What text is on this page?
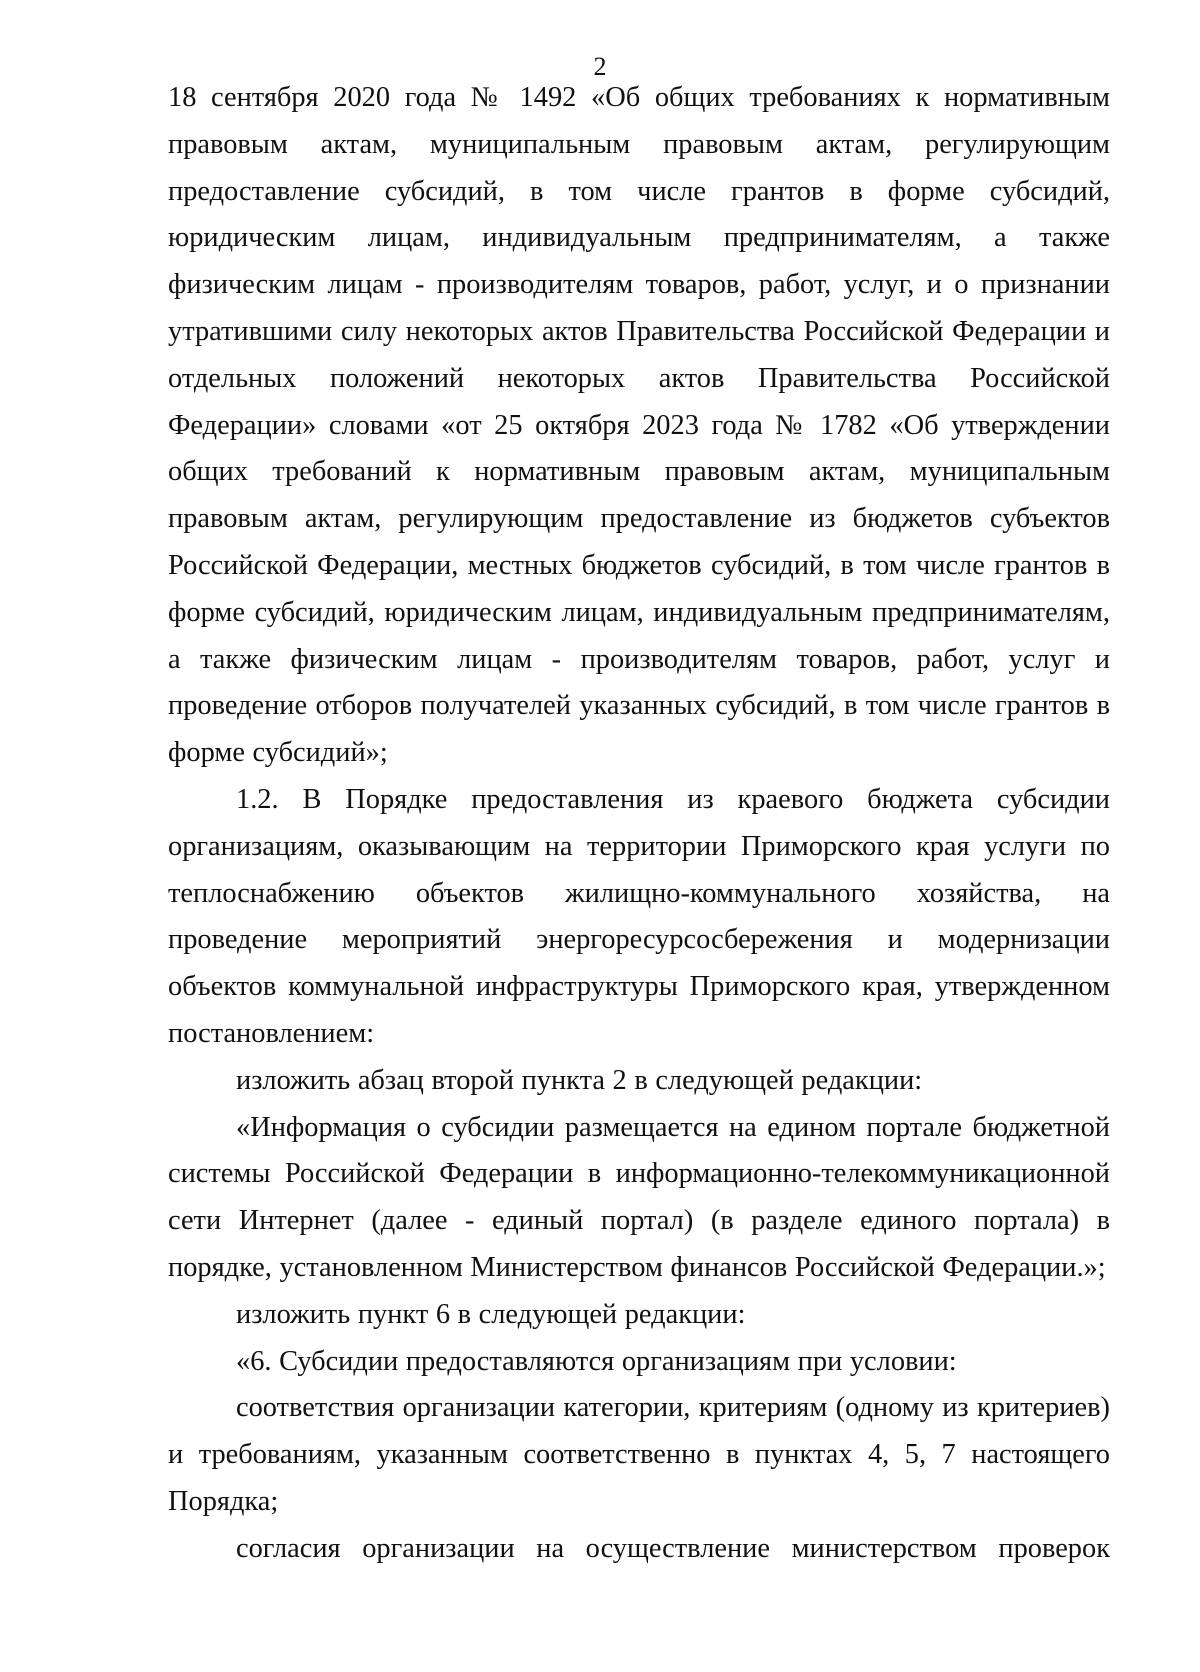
2

18 сентября 2020 года № 1492 «Об общих требованиях к нормативным правовым актам, муниципальным правовым актам, регулирующим предоставление субсидий, в том числе грантов в форме субсидий, юридическим лицам, индивидуальным предпринимателям, а также физическим лицам - производителям товаров, работ, услуг, и о признании утратившими силу некоторых актов Правительства Российской Федерации и отдельных положений некоторых актов Правительства Российской Федерации» словами «от 25 октября 2023 года № 1782 «Об утверждении общих требований к нормативным правовым актам, муниципальным правовым актам, регулирующим предоставление из бюджетов субъектов Российской Федерации, местных бюджетов субсидий, в том числе грантов в форме субсидий, юридическим лицам, индивидуальным предпринимателям, а также физическим лицам - производителям товаров, работ, услуг и проведение отборов получателей указанных субсидий, в том числе грантов в форме субсидий»;

1.2. В Порядке предоставления из краевого бюджета субсидии организациям, оказывающим на территории Приморского края услуги по теплоснабжению объектов жилищно-коммунального хозяйства, на проведение мероприятий энергоресурсосбережения и модернизации объектов коммунальной инфраструктуры Приморского края, утвержденном постановлением:

изложить абзац второй пункта 2 в следующей редакции:

«Информация о субсидии размещается на едином портале бюджетной системы Российской Федерации в информационно-телекоммуникационной сети Интернет (далее - единый портал) (в разделе единого портала) в порядке, установленном Министерством финансов Российской Федерации.»;

изложить пункт 6 в следующей редакции:

«6. Субсидии предоставляются организациям при условии:

соответствия организации категории, критериям (одному из критериев) и требованиям, указанным соответственно в пунктах 4, 5, 7 настоящего Порядка;

согласия организации на осуществление министерством проверок
